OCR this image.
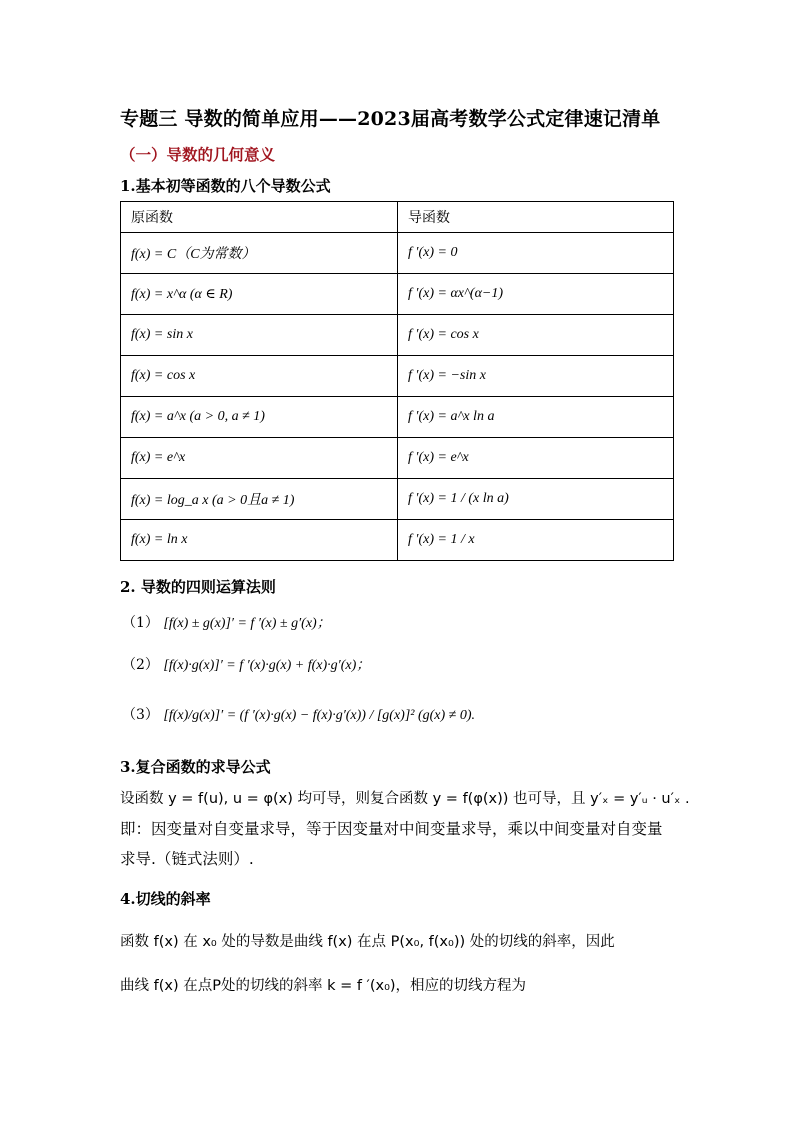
专题三 导数的简单应用——2023届高考数学公式定律速记清单
（一）导数的几何意义
1.基本初等函数的八个导数公式
原函数	导函数
f(x) = C（C为常数）	f ′(x) = 0
f(x) = x^α (α ∈ R)	f ′(x) = αx^(α−1)
f(x) = sin x	f ′(x) = cos x
f(x) = cos x	f ′(x) = −sin x
f(x) = a^x (a > 0, a ≠ 1)	f ′(x) = a^x ln a
f(x) = e^x	f ′(x) = e^x
f(x) = log_a x (a > 0且a ≠ 1)	f ′(x) = 1 / (x ln a)
f(x) = ln x	f ′(x) = 1 / x
2. 导数的四则运算法则
（1） [f(x) ± g(x)]′ = f ′(x) ± g′(x)；
（2） [f(x)·g(x)]′ = f ′(x)·g(x) + f(x)·g′(x)；
（3） [f(x)/g(x)]′ = (f ′(x)·g(x) − f(x)·g′(x)) / [g(x)]² (g(x) ≠ 0).
3.复合函数的求导公式
设函数 y = f(u), u = φ(x) 均可导，则复合函数 y = f(φ(x)) 也可导，且 y′ₓ = y′ᵤ · u′ₓ .
即：因变量对自变量求导，等于因变量对中间变量求导，乘以中间变量对自变量
求导.（链式法则）.
4.切线的斜率
函数 f(x) 在 x₀ 处的导数是曲线 f(x) 在点 P(x₀, f(x₀)) 处的切线的斜率，因此
曲线 f(x) 在点P处的切线的斜率 k = f ′(x₀)，相应的切线方程为
